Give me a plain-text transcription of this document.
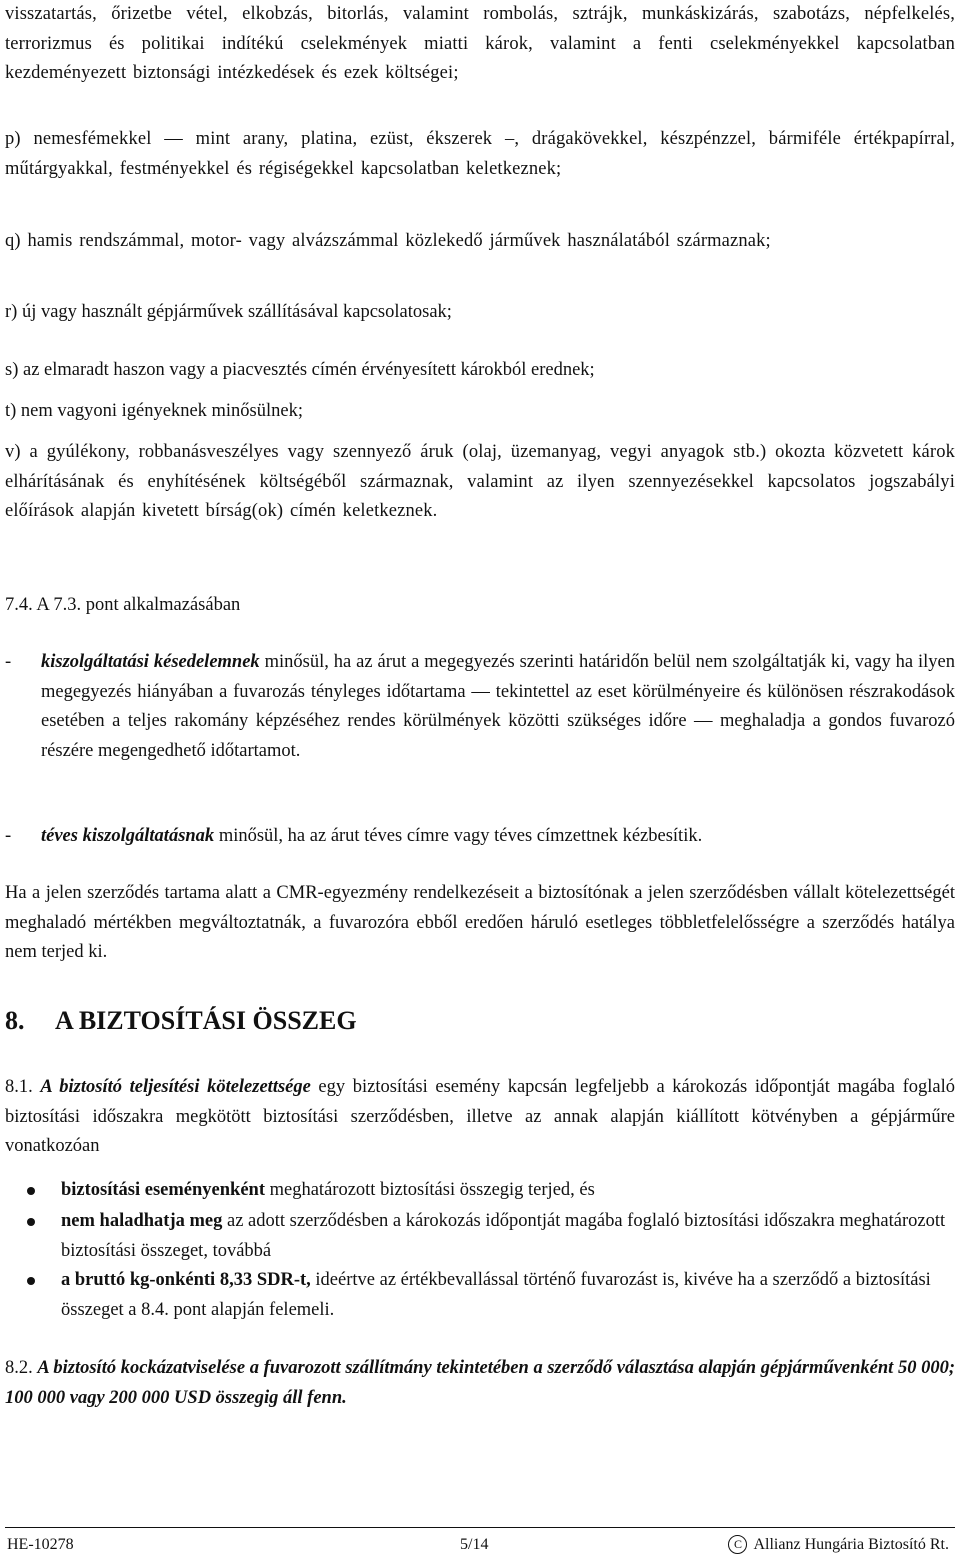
visszatartás, őrizetbe vétel, elkobzás, bitorlás, valamint rombolás, sztrájk, munkáskizárás, szabotázs, népfelkelés, terrorizmus és politikai indítékú cselekmények miatti károk, valamint a fenti cselekményekkel kapcsolatban kezdeményezett biztonsági intézkedések és ezek költségei;

p) nemesfémekkel — mint arany, platina, ezüst, ékszerek –, drágakövekkel, készpénzzel, bármiféle értékpapírral, műtárgyakkal, festményekkel és régiségekkel kapcsolatban keletkeznek;

q) hamis rendszámmal, motor- vagy alvázszámmal közlekedő járművek használatából származnak;

r) új vagy használt gépjárművek szállításával kapcsolatosak;

s) az elmaradt haszon vagy a piacvesztés címén érvényesített károkból erednek;

t) nem vagyoni igényeknek minősülnek;

v) a gyúlékony, robbanásveszélyes vagy szennyező áruk (olaj, üzemanyag, vegyi anyagok stb.) okozta közvetett károk elhárításának és enyhítésének költségéből származnak, valamint az ilyen szennyezésekkel kapcsolatos jogszabályi előírások alapján kivetett bírság(ok) címén keletkeznek.

7.4. A 7.3. pont alkalmazásában

- kiszolgáltatási késedelemnek minősül, ha az árut a megegyezés szerinti határidőn belül nem szolgáltatják ki, vagy ha ilyen megegyezés hiányában a fuvarozás tényleges időtartama — tekintettel az eset körülményeire és különösen részrakodások esetében a teljes rakomány képzéséhez rendes körülmények közötti szükséges időre — meghaladja a gondos fuvarozó részére megengedhető időtartamot.
- téves kiszolgáltatásnak minősül, ha az árut téves címre vagy téves címzettnek kézbesítik.

Ha a jelen szerződés tartama alatt a CMR-egyezmény rendelkezéseit a biztosítónak a jelen szerződésben vállalt kötelezettségét meghaladó mértékben megváltoztatnák, a fuvarozóra ebből eredően háruló esetleges többletfelelősségre a szerződés hatálya nem terjed ki.

8. A BIZTOSÍTÁSI ÖSSZEG

8.1. A biztosító teljesítési kötelezettsége egy biztosítási esemény kapcsán legfeljebb a károkozás időpontját magába foglaló biztosítási időszakra megkötött biztosítási szerződésben, illetve az annak alapján kiállított kötvényben a gépjárműre vonatkozóan

biztosítási eseményenként meghatározott biztosítási összegig terjed, és
nem haladhatja meg az adott szerződésben a károkozás időpontját magába foglaló biztosítási időszakra meghatározott biztosítási összeget, továbbá
a bruttó kg-onkénti 8,33 SDR-t, ideértve az értékbevallással történő fuvarozást is, kivéve ha a szerződő a biztosítási összeget a 8.4. pont alapján felemeli.

8.2. A biztosító kockázatviselése a fuvarozott szállítmány tekintetében a szerződő választása alapján gépjárművenként 50 000; 100 000 vagy 200 000 USD összegig áll fenn.

HE-10278	5/14	C Allianz Hungária Biztosító Rt.
